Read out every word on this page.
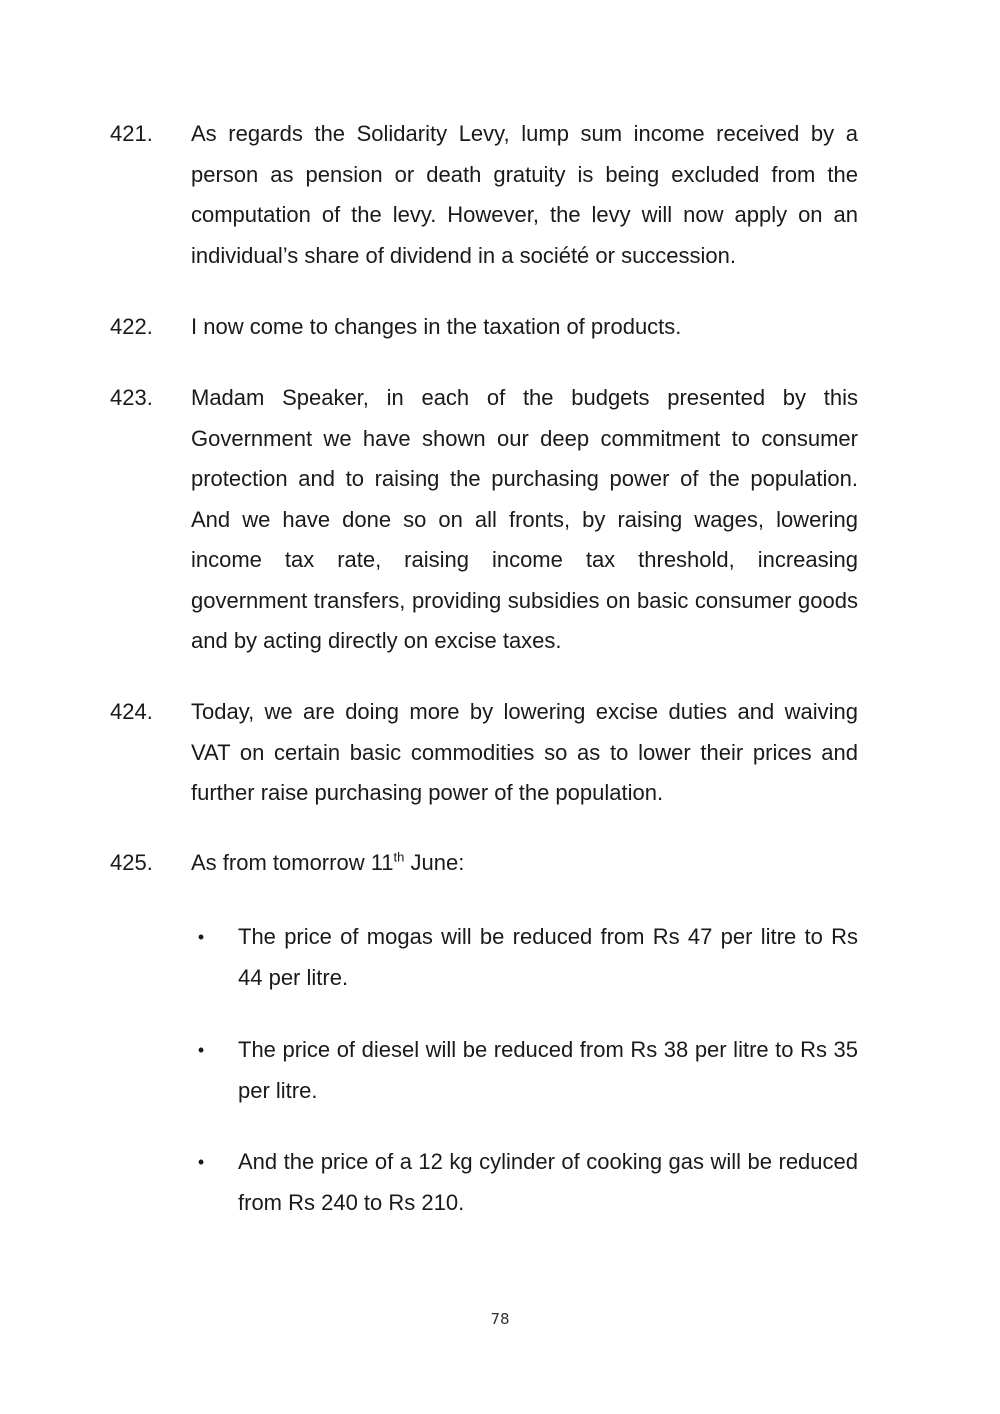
421. As regards the Solidarity Levy, lump sum income received by a person as pension or death gratuity is being excluded from the computation of the levy. However, the levy will now apply on an individual’s share of dividend in a société or succession.
422. I now come to changes in the taxation of products.
423. Madam Speaker, in each of the budgets presented by this Government we have shown our deep commitment to consumer protection and to raising the purchasing power of the population. And we have done so on all fronts, by raising wages, lowering income tax rate, raising income tax threshold, increasing government transfers, providing subsidies on basic consumer goods and by acting directly on excise taxes.
424. Today, we are doing more by lowering excise duties and waiving VAT on certain basic commodities so as to lower their prices and further raise purchasing power of the population.
425. As from tomorrow 11th June:
•	The price of mogas will be reduced from Rs 47 per litre to Rs 44 per litre.
•	The price of diesel will be reduced from Rs 38 per litre to Rs 35 per litre.
•	And the price of a 12 kg cylinder of cooking gas will be reduced from Rs 240 to Rs 210.
78
